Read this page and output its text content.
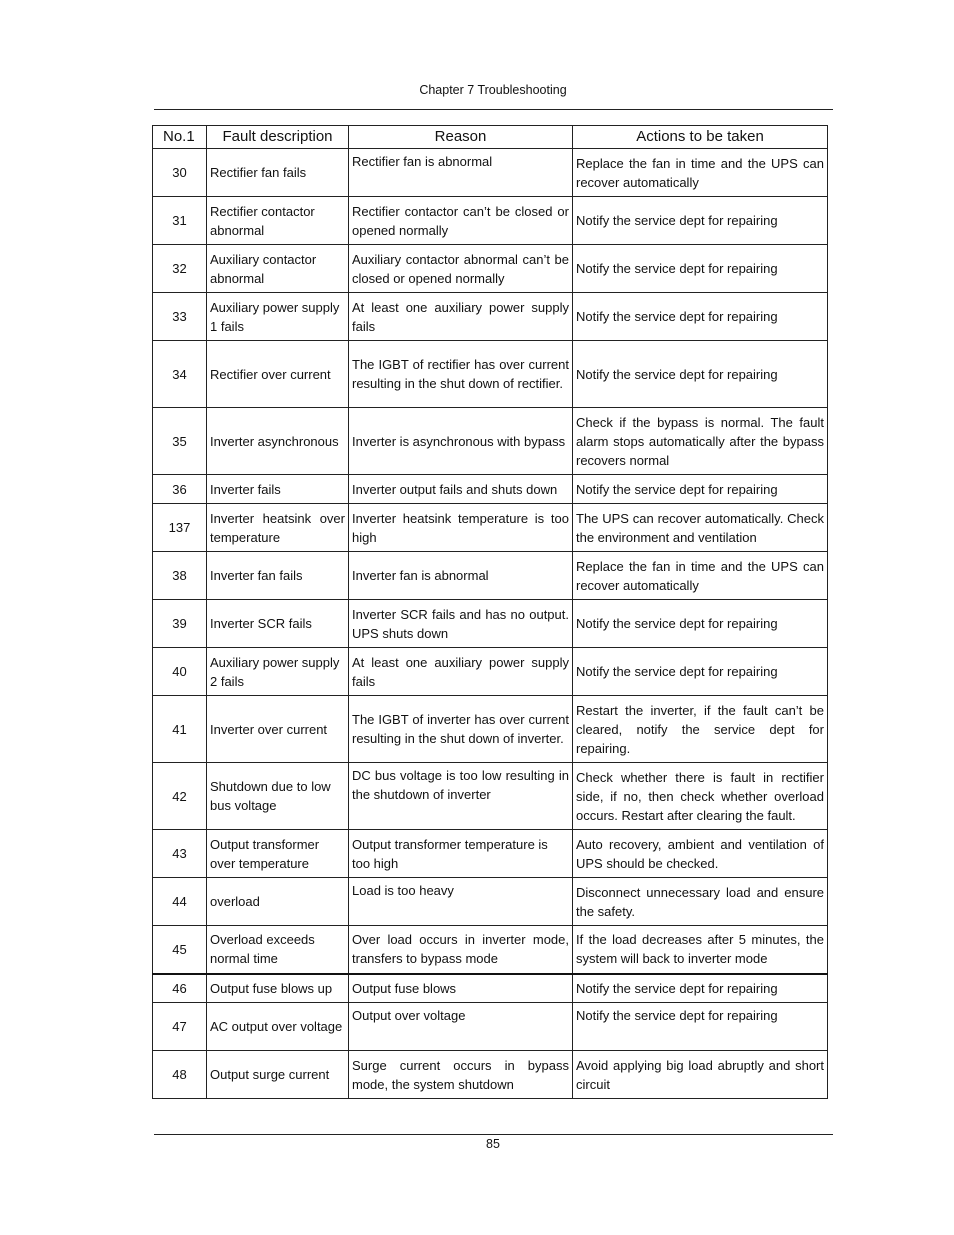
Chapter 7 Troubleshooting
No.1	Fault description	Reason	Actions to be taken
30	Rectifier fan fails	Rectifier fan is abnormal	Replace the fan in time and the UPS can recover automatically
31	Rectifier contactor abnormal	Rectifier contactor can’t be closed or opened normally	Notify the service dept for repairing
32	Auxiliary contactor abnormal	Auxiliary contactor abnormal can’t be closed or opened normally	Notify the service dept for repairing
33	Auxiliary power supply 1 fails	At least one auxiliary power supply fails	Notify the service dept for repairing
34	Rectifier over current	The IGBT of rectifier has over current resulting in the shut down of rectifier.	Notify the service dept for repairing
35	Inverter asynchronous	Inverter is asynchronous with bypass	Check if the bypass is normal. The fault alarm stops automatically after the bypass recovers normal
36	Inverter fails	Inverter output fails and shuts down	Notify the service dept for repairing
137	Inverter heatsink over temperature	Inverter heatsink temperature is too high	The UPS can recover automatically. Check the environment and ventilation
38	Inverter fan fails	Inverter fan is abnormal	Replace the fan in time and the UPS can recover automatically
39	Inverter SCR fails	Inverter SCR fails and has no output. UPS shuts down	Notify the service dept for repairing
40	Auxiliary power supply 2 fails	At least one auxiliary power supply fails	Notify the service dept for repairing
41	Inverter over current	The IGBT of inverter has over current resulting in the shut down of inverter.	Restart the inverter, if the fault can’t be cleared, notify the service dept for repairing.
42	Shutdown due to low bus voltage	DC bus voltage is too low resulting in the shutdown of inverter	Check whether there is fault in rectifier side, if no, then check whether overload occurs. Restart after clearing the fault.
43	Output transformer over temperature	Output transformer temperature is too high	Auto recovery, ambient and ventilation of UPS should be checked.
44	overload	Load is too heavy	Disconnect unnecessary load and ensure the safety.
45	Overload exceeds normal time	Over load occurs in inverter mode, transfers to bypass mode	If the load decreases after 5 minutes, the system will back to inverter mode
46	Output fuse blows up	Output fuse blows	Notify the service dept for repairing
47	AC output over voltage	Output over voltage	Notify the service dept for repairing
48	Output surge current	Surge current occurs in bypass mode, the system shutdown	Avoid applying big load abruptly and short circuit
85
